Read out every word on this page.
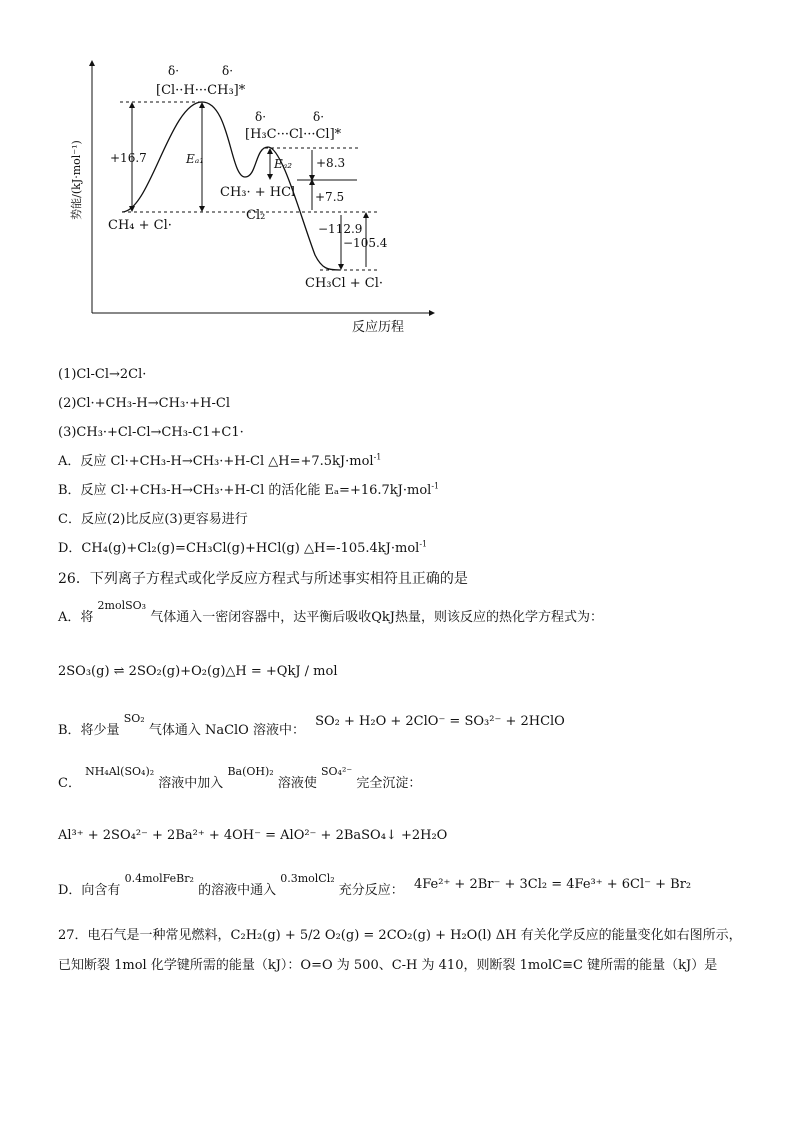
势能/(kJ·mol⁻¹)
反应历程
δ·	δ·
[Cl··H···CH₃]*
δ·	δ·
[H₃C···Cl···Cl]*
+16.7	Eₐ₁	Eₐ₂ +8.3
CH₃· + HCl +7.5
CH₄ + Cl·
Cl₂
−112.9
−105.4
CH₃Cl + Cl·
(1)Cl-Cl→2Cl·
(2)Cl·+CH₃-H→CH₃·+H-Cl
(3)CH₃·+Cl-Cl→CH₃-C1+C1·
A．反应 Cl·+CH₃-H→CH₃·+H-Cl △H=+7.5kJ·mol$^{-1}$
B．反应 Cl·+CH₃-H→CH₃·+H-Cl 的活化能 Eₐ=+16.7kJ·mol$^{-1}$
C．反应(2)比反应(3)更容易进行
D．CH₄(g)+Cl₂(g)=CH₃Cl(g)+HCl(g) △H=-105.4kJ·mol$^{-1}$
26．下列离子方程式或化学反应方程式与所述事实相符且正确的是
A．将 $^{2molSO_3}$ 气体通入一密闭容器中，达平衡后吸收QkJ热量，则该反应的热化学方程式为：
2SO₃(g) ⇌ 2SO₂(g)+O₂(g)△H = +QkJ / mol
B．将少量 $^{SO_2}$ 气体通入 NaClO 溶液中： SO₂ + H₂O + 2ClO⁻ = SO₃²⁻ + 2HClO
C． $^{NH_4Al(SO_4)_2}$ 溶液中加入 $^{Ba(OH)_2}$ 溶液使 $^{SO_4^{2-}}$ 完全沉淀：
Al³⁺ + 2SO₄²⁻ + 2Ba²⁺ + 4OH⁻ = AlO²⁻ + 2BaSO₄↓ +2H₂O
D．向含有 $^{0.4molFeBr_2}$ 的溶液中通入 $^{0.3molCl_2}$ 充分反应： 4Fe²⁺ + 2Br⁻ + 3Cl₂ = 4Fe³⁺ + 6Cl⁻ + Br₂
27．电石气是一种常见燃料，C₂H₂(g) + 5/2 O₂(g) = 2CO₂(g) + H₂O(l) ΔH 有关化学反应的能量变化如右图所示，
已知断裂 1mol 化学键所需的能量（kJ）：O=O 为 500、C-H 为 410，则断裂 1molC≡C 键所需的能量（kJ）是
